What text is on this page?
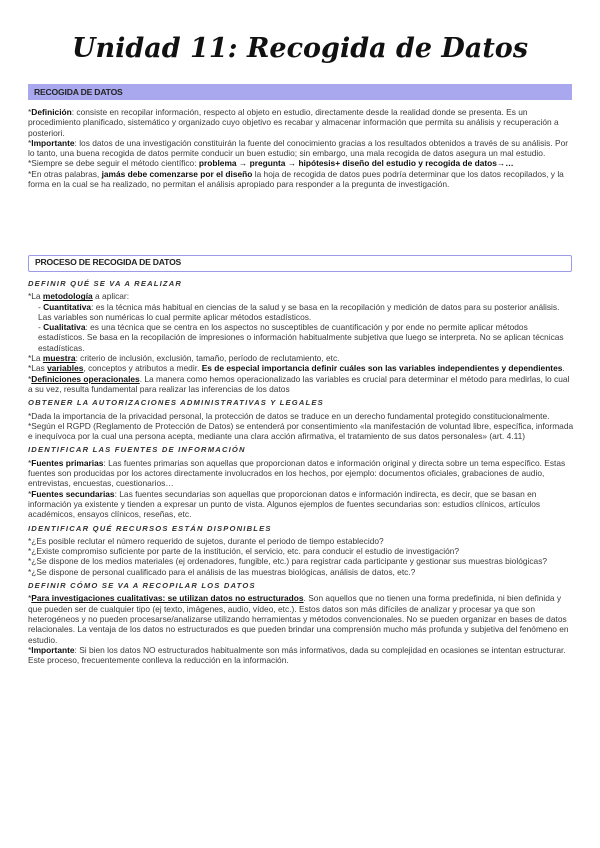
Unidad 11: Recogida de Datos
RECOGIDA DE DATOS

*Definición: consiste en recopilar información, respecto al objeto en estudio, directamente desde la realidad donde se presenta. Es un procedimiento planificado, sistemático y organizado cuyo objetivo es recabar y almacenar información que permita su análisis y recuperación a posteriori.

*Importante: los datos de una investigación constituirán la fuente del conocimiento gracias a los resultados obtenidos a través de su análisis. Por lo tanto, una buena recogida de datos permite conducir un buen estudio; sin embargo, una mala recogida de datos asegura un mal estudio.

*Siempre se debe seguir el método científico: problema → pregunta → hipótesis+ diseño del estudio y recogida de datos→…

*En otras palabras, jamás debe comenzarse por el diseño la hoja de recogida de datos pues podría determinar que los datos recopilados, y la forma en la cual se ha realizado, no permitan el análisis apropiado para responder a la pregunta de investigación.

PROCESO DE RECOGIDA DE DATOS
DEFINIR QUÉ SE VA A REALIZAR

*La metodología a aplicar:

- Cuantitativa: es la técnica más habitual en ciencias de la salud y se basa en la recopilación y medición de datos para su posterior análisis. Las variables son numéricas lo cual permite aplicar métodos estadísticos.

- Cualitativa: es una técnica que se centra en los aspectos no susceptibles de cuantificación y por ende no permite aplicar métodos estadísticos. Se basa en la recopilación de impresiones o información habitualmente subjetiva que luego se interpreta. No se aplican técnicas estadísticas.

*La muestra: criterio de inclusión, exclusión, tamaño, período de reclutamiento, etc.

*Las variables, conceptos y atributos a medir. Es de especial importancia definir cuáles son las variables independientes y dependientes.

*Definiciones operacionales. La manera como hemos operacionalizado las variables es crucial para determinar el método para medirlas, lo cual a su vez, resulta fundamental para realizar las inferencias de los datos

OBTENER LA AUTORIZACIONES ADMINISTRATIVAS Y LEGALES

*Dada la importancia de la privacidad personal, la protección de datos se traduce en un derecho fundamental protegido constitucionalmente.

*Según el RGPD (Reglamento de Protección de Datos) se entenderá por consentimiento «la manifestación de voluntad libre, específica, informada e inequívoca por la cual una persona acepta, mediante una clara acción afirmativa, el tratamiento de sus datos personales» (art. 4.11)

IDENTIFICAR LAS FUENTES DE INFORMACIÓN

*Fuentes primarias: Las fuentes primarias son aquellas que proporcionan datos e información original y directa sobre un tema específico. Estas fuentes son producidas por los actores directamente involucrados en los hechos, por ejemplo: documentos oficiales, grabaciones de audio, entrevistas, encuestas, cuestionarios…

*Fuentes secundarias: Las fuentes secundarias son aquellas que proporcionan datos e información indirecta, es decir, que se basan en información ya existente y tienden a expresar un punto de vista. Algunos ejemplos de fuentes secundarias son: estudios clínicos, artículos académicos, ensayos clínicos, reseñas, etc.

IDENTIFICAR QUÉ RECURSOS ESTÁN DISPONIBLES

*¿Es posible reclutar el número requerido de sujetos, durante el periodo de tiempo establecido?

*¿Existe compromiso suficiente por parte de la institución, el servicio, etc. para conducir el estudio de investigación?

*¿Se dispone de los medios materiales (ej ordenadores, fungible, etc.) para registrar cada participante y gestionar sus muestras biológicas?

*¿Se dispone de personal cualificado para el análisis de las muestras biológicas, análisis de datos, etc.?

DEFINIR CÓMO SE VA A RECOPILAR LOS DATOS

*Para investigaciones cualitativas: se utilizan datos no estructurados. Son aquellos que no tienen una forma predefinida, ni bien definida y que pueden ser de cualquier tipo (ej texto, imágenes, audio, vídeo, etc.). Estos datos son más difíciles de analizar y procesar ya que son heterogéneos y no pueden procesarse/analizarse utilizando herramientas y métodos convencionales. No se pueden organizar en bases de datos relacionales. La ventaja de los datos no estructurados es que pueden brindar una comprensión mucho más profunda y subjetiva del fenómeno en estudio.

*Importante: Si bien los datos NO estructurados habitualmente son más informativos, dada su complejidad en ocasiones se intentan estructurar. Este proceso, frecuentemente conlleva la reducción en la información.
